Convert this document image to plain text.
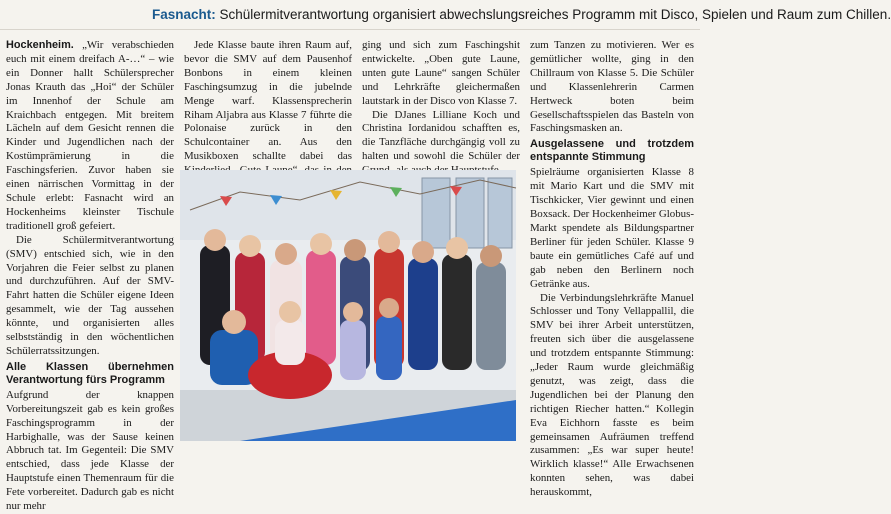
Fasnacht: Schülermitverantwortung organisiert abwechslungsreiches Programm mit Disco, Spielen und Raum zum Chillen.

Hockenheim. „Wir verabschieden euch mit einem dreifach A-…“ – wie ein Donner hallt Schülersprecher Jonas Krauth das „Hoi“ der Schüler im Innenhof der Schule am Kraichbach entgegen. Mit breitem Lächeln auf dem Gesicht rennen die Kinder und Jugendlichen nach der Kostümprämierung in die Faschingsferien. Zuvor haben sie einen närrischen Vormittag in der Schule erlebt: Fasnacht wird an Hockenheims kleinster Tischule traditionell groß gefeiert.

Die Schülermitverantwortung (SMV) entschied sich, wie in den Vorjahren die Feier selbst zu planen und durchzuführen. Auf der SMV-Fahrt hatten die Schüler eigene Ideen gesammelt, wie der Tag aussehen könnte, und organisierten alles selbstständig in den wöchentlichen Schülerratssitzungen.

Alle Klassen übernehmen Verantwortung fürs Programm

Aufgrund der knappen Vorbereitungszeit gab es kein großes Faschingsprogramm in der Harbighalle, was der Sause keinen Abbruch tat. Im Gegenteil: Die SMV entschied, dass jede Klasse der Hauptstufe einen Themenraum für die Fete vorbereitet. Dadurch gab es nicht nur mehr

Jede Klasse baute ihren Raum auf, bevor die SMV auf dem Pausenhof Bonbons in einem kleinen Faschingsumzug in die jubelnde Menge warf. Klassensprecherin Riham Aljabra aus Klasse 7 führte die Polonaise zurück in den Schulcontainer an. Aus den Musikboxen schallte dabei das

ging und sich zum Faschingshit entwickelte. „Oben gute Laune, unten gute Laune“ sangen Schüler und Lehrkräfte gleichermaßen lautstark in der Disco von Klasse 7.

Die DJanes Lilliane Koch und Christina Iordanidou schafften es, die Tanzfläche durchgängig voll zu halten und sowohl die Schüler der

zum Tanzen zu motivieren. Wer es gemütlicher wollte, ging in den Chillraum von Klasse 5. Die Schüler und Klassenlehrerin Carmen Hertweck boten beim Gesellschaftsspielen das Basteln von Faschingsmasken an.

Ausgelassene und trotzdem entspannte Stimmung

Spielräume organisierten Klasse 8 mit Mario Kart und die SMV mit Tischkicker, Vier gewinnt und einen Boxsack. Der Hockenheimer Globus-Markt spendete als Bildungspartner Berliner für jeden Schüler. Klasse 9 baute ein gemütliches Café auf und gab neben den Berlinern noch Getränke aus.

Die Verbindungslehrkräfte Manuel Schlosser und Tony Vellappallil, die SMV bei ihrer Arbeit unterstützen, freuten sich über die ausgelassene und trotzdem entspannte Stimmung: „Jeder Raum wurde gleichmäßig genutzt, was zeigt, dass die Jugendlichen bei der Planung den richtigen Riecher hatten.“ Kollegin Eva Eichhorn fasste es beim gemeinsamen Aufräumen treffend zusammen: „Es war super heute! Wirklich klasse!“ Alle Erwachsenen konnten sehen, was dabei herauskommt,
